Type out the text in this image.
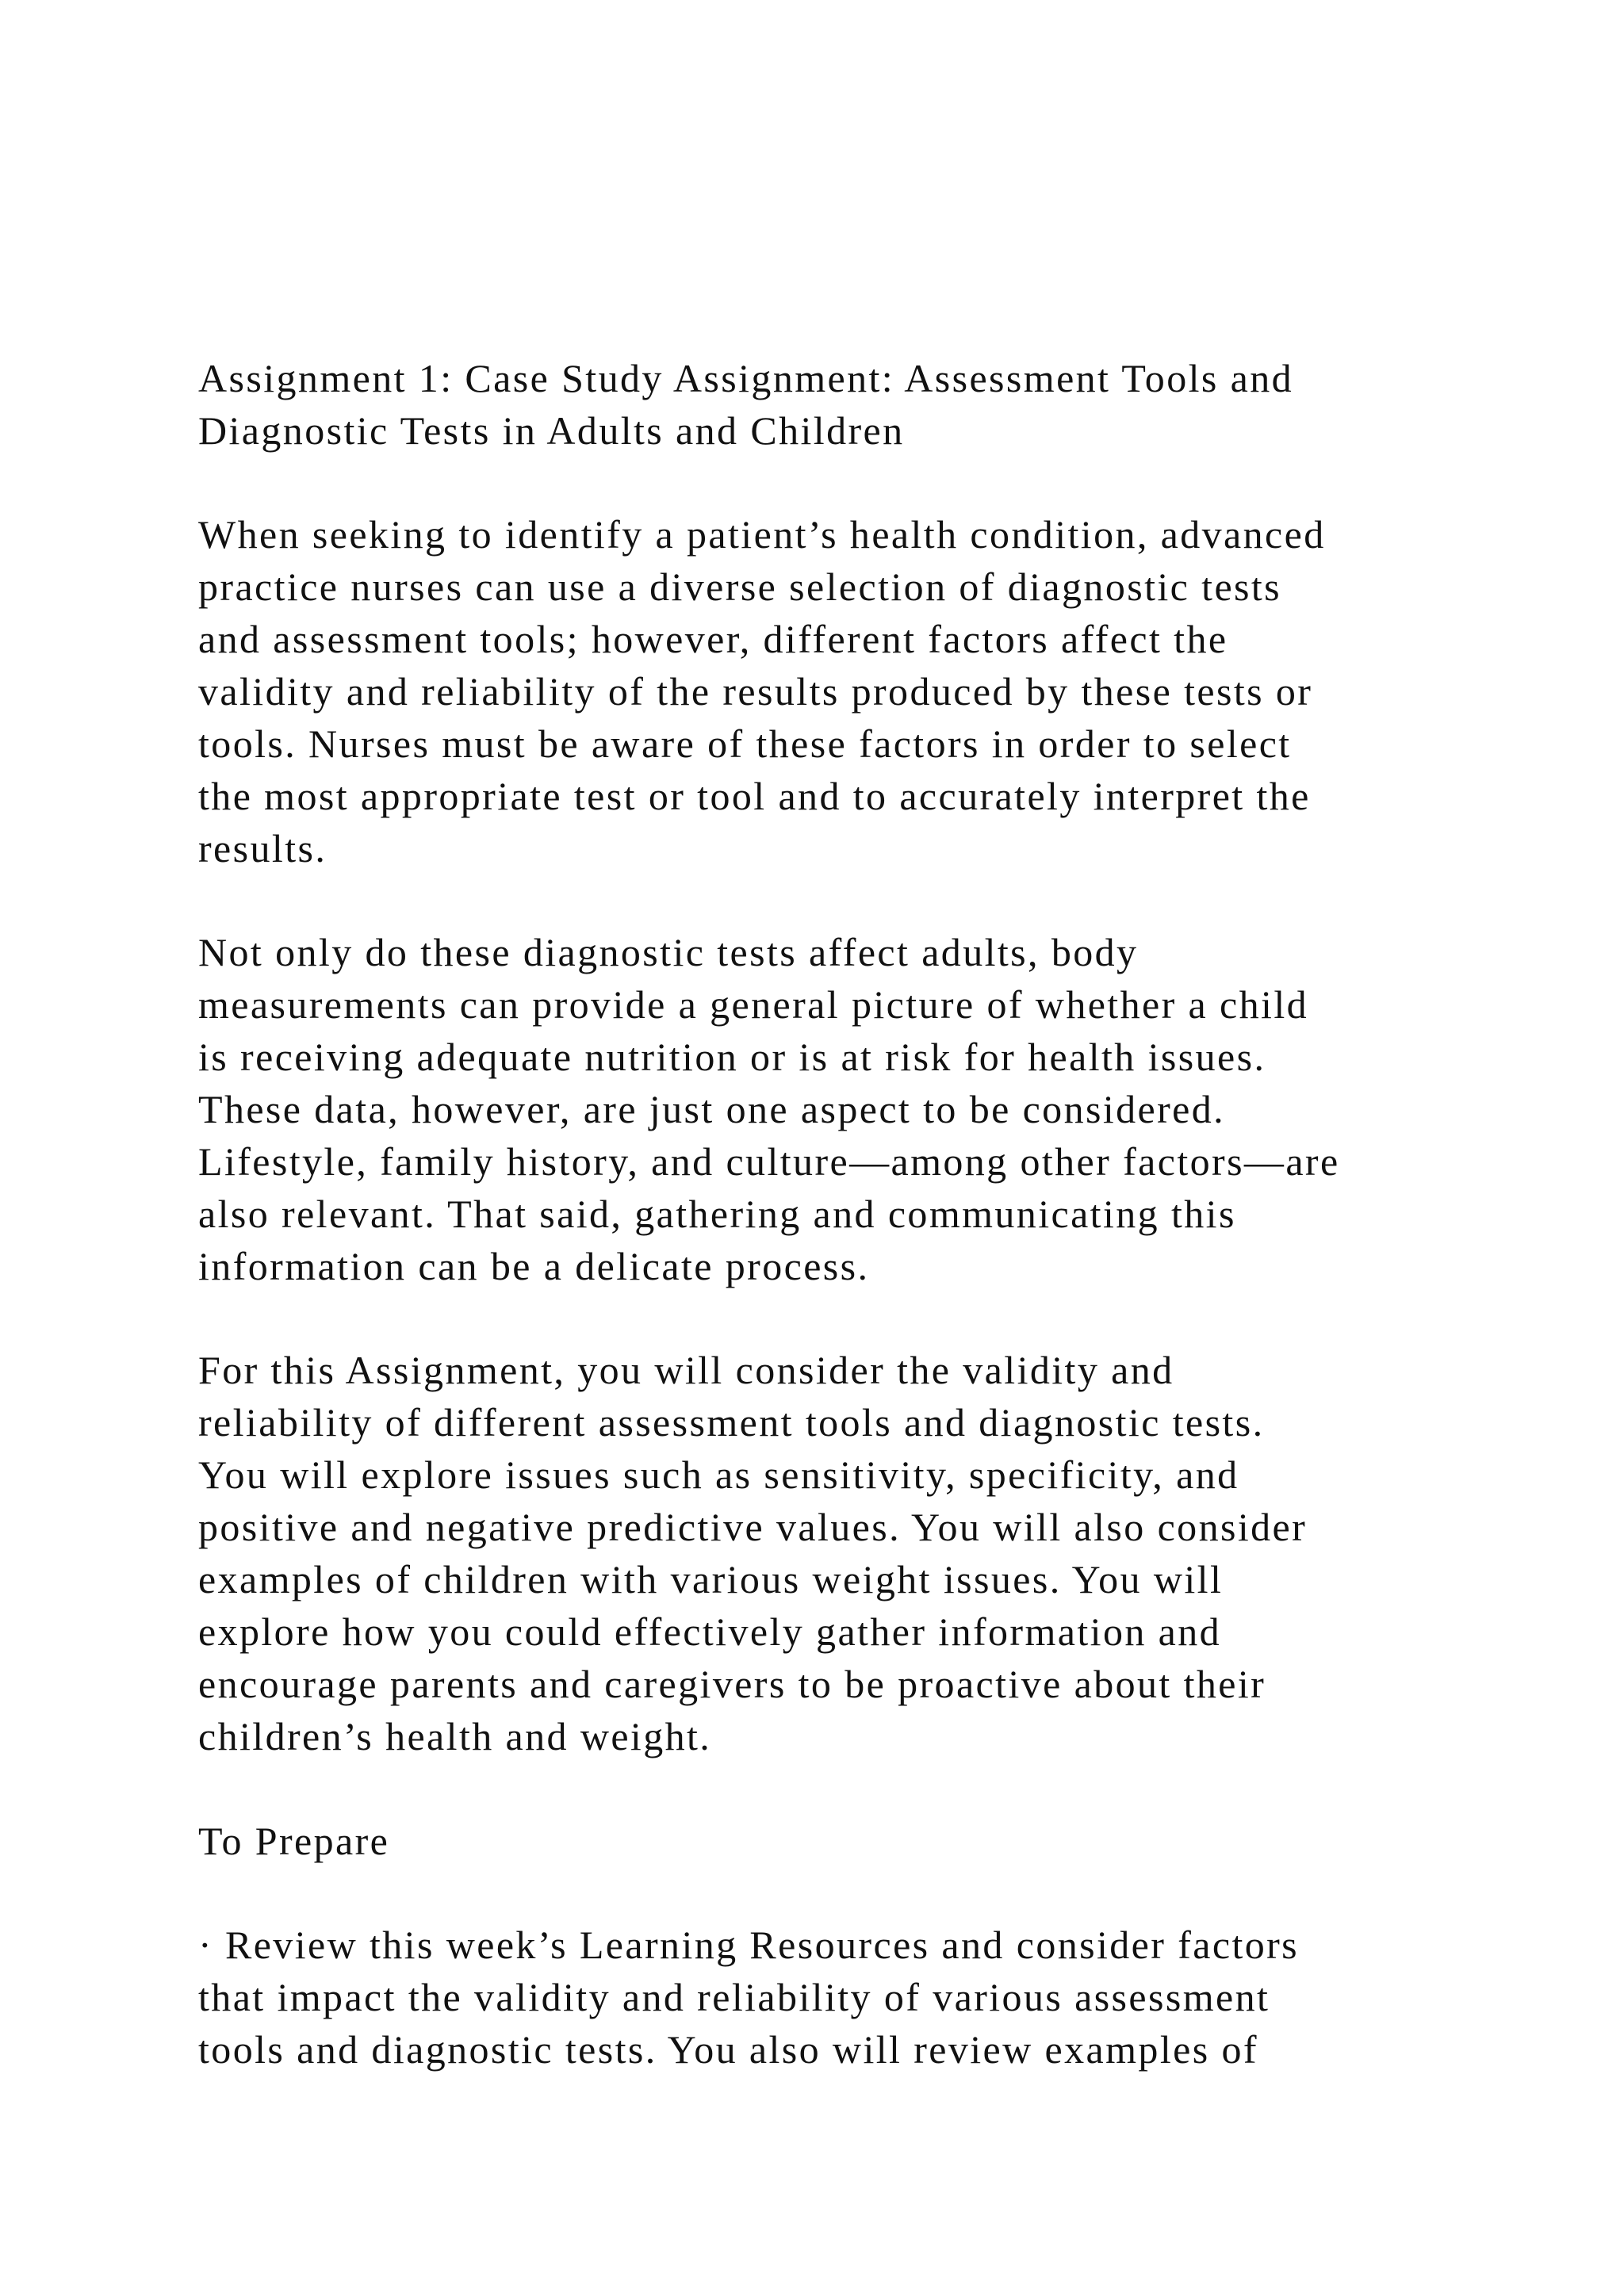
Assignment 1: Case Study Assignment: Assessment Tools and
Diagnostic Tests in Adults and Children
When seeking to identify a patient’s health condition, advanced
practice nurses can use a diverse selection of diagnostic tests
and assessment tools; however, different factors affect the
validity and reliability of the results produced by these tests or
tools. Nurses must be aware of these factors in order to select
the most appropriate test or tool and to accurately interpret the
results.
Not only do these diagnostic tests affect adults, body
measurements can provide a general picture of whether a child
is receiving adequate nutrition or is at risk for health issues.
These data, however, are just one aspect to be considered.
Lifestyle, family history, and culture—among other factors—are
also relevant. That said, gathering and communicating this
information can be a delicate process.
For this Assignment, you will consider the validity and
reliability of different assessment tools and diagnostic tests.
You will explore issues such as sensitivity, specificity, and
positive and negative predictive values. You will also consider
examples of children with various weight issues. You will
explore how you could effectively gather information and
encourage parents and caregivers to be proactive about their
children’s health and weight.
To Prepare
· Review this week’s Learning Resources and consider factors
that impact the validity and reliability of various assessment
tools and diagnostic tests. You also will review examples of
